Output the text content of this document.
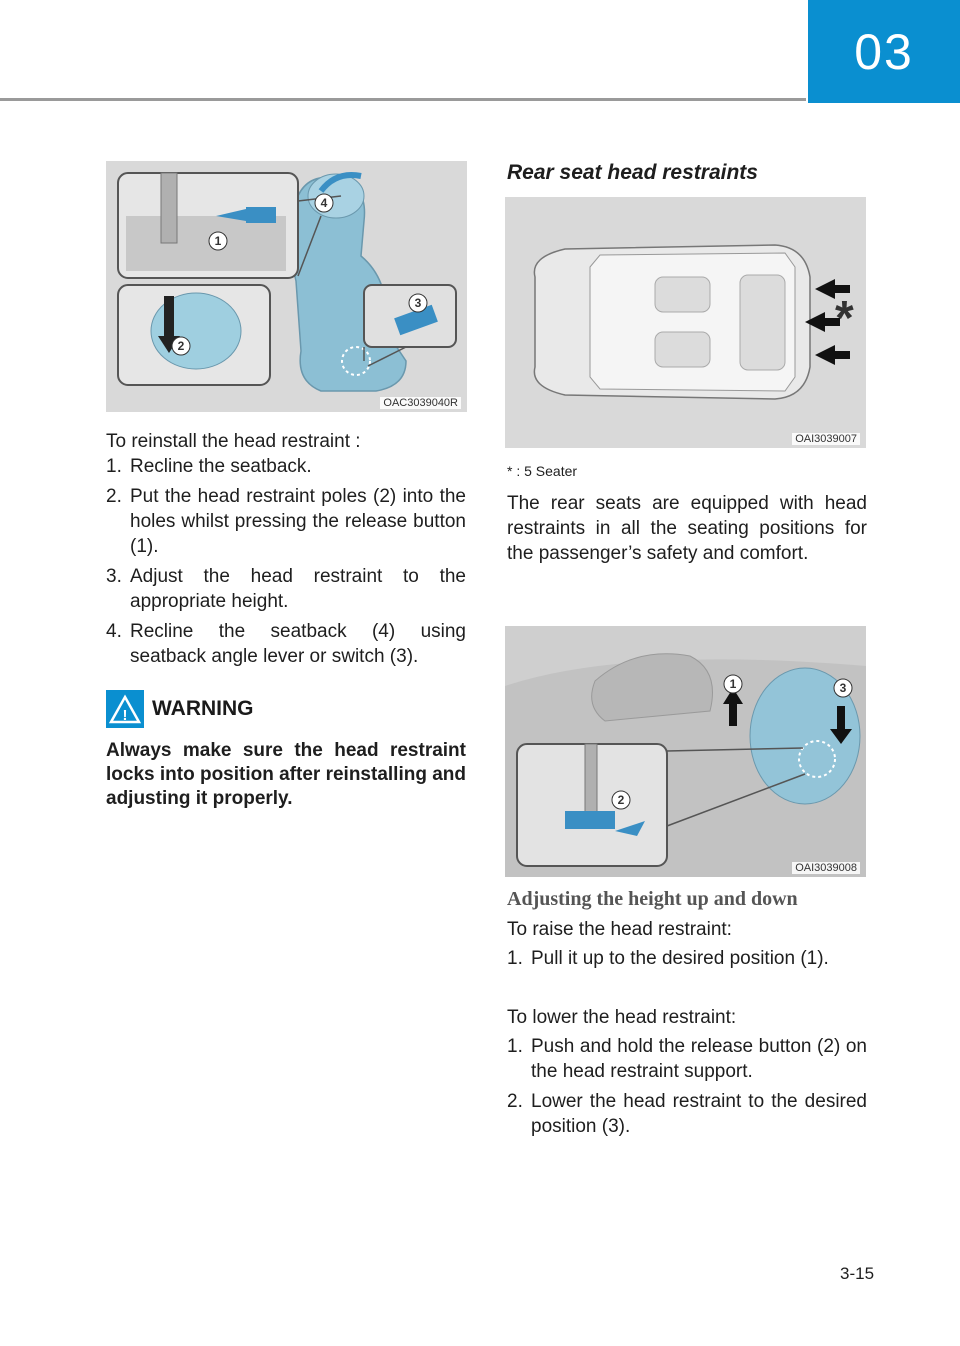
03
1
2
3
4
OAC3039040R

To reinstall the head restraint :

1. Recline the seatback.
2. Put the head restraint poles (2) into the holes whilst pressing the release button (1).
3. Adjust the head restraint to the appropriate height.
4. Recline the seatback (4) using seatback angle lever or switch (3).
! WARNING

Always make sure the head restraint locks into position after reinstalling and adjusting it properly.

Rear seat head restraints

*
OAI3039007

* : 5 Seater

The rear seats are equipped with head restraints in all the seating positions for the passenger’s safety and comfort.

1
2
3
OAI3039008

Adjusting the height up and down

To raise the head restraint:

1. Pull it up to the desired position (1).

To lower the head restraint:

1. Push and hold the release button (2) on the head restraint support.
2. Lower the head restraint to the desired position (3).
3-15
